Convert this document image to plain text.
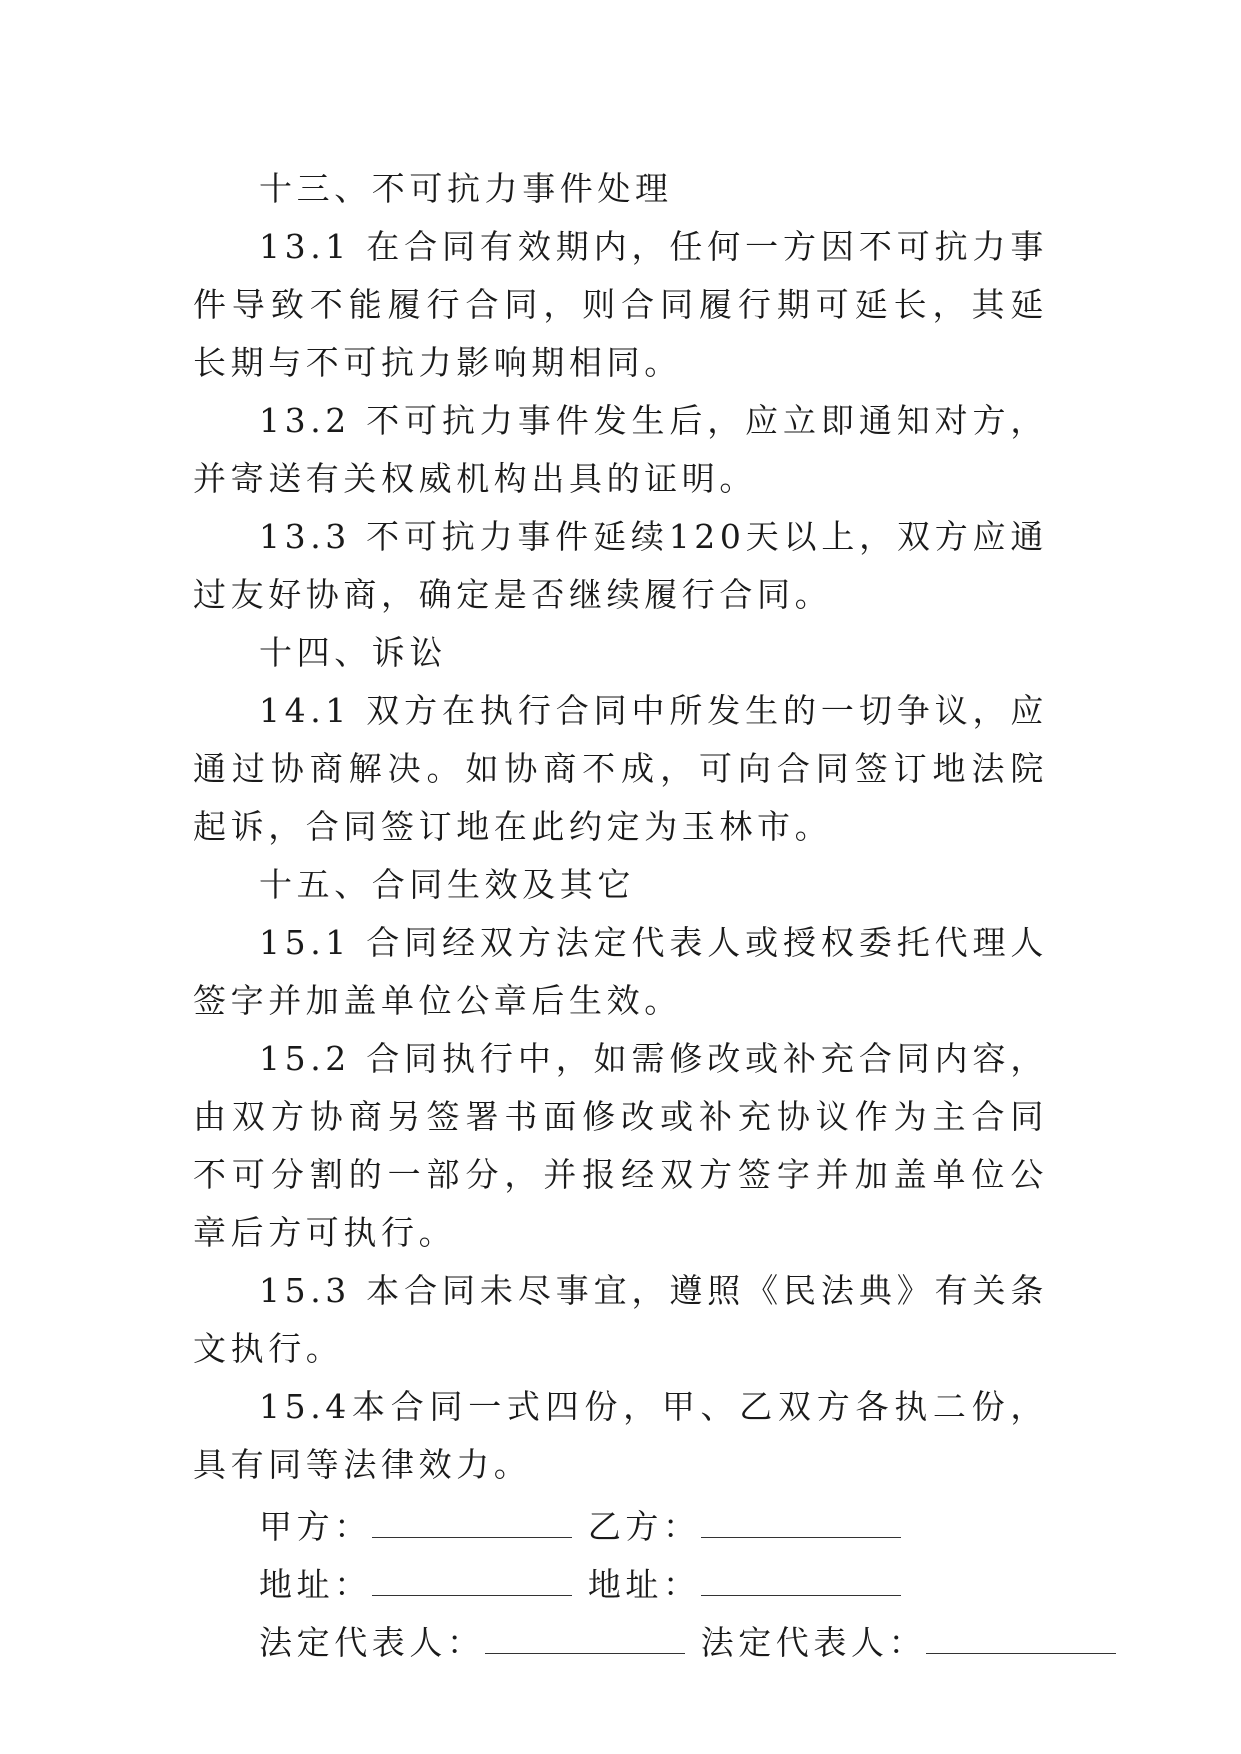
十三、不可抗力事件处理

13.1 在合同有效期内，任何一方因不可抗力事件导致不能履行合同，则合同履行期可延长，其延长期与不可抗力影响期相同。

13.2 不可抗力事件发生后，应立即通知对方，并寄送有关权威机构出具的证明。

13.3 不可抗力事件延续120天以上，双方应通过友好协商，确定是否继续履行合同。

十四、诉讼

14.1 双方在执行合同中所发生的一切争议，应通过协商解决。如协商不成，可向合同签订地法院起诉，合同签订地在此约定为玉林市。

十五、合同生效及其它

15.1 合同经双方法定代表人或授权委托代理人签字并加盖单位公章后生效。

15.2 合同执行中，如需修改或补充合同内容，由双方协商另签署书面修改或补充协议作为主合同不可分割的一部分，并报经双方签字并加盖单位公章后方可执行。

15.3 本合同未尽事宜，遵照《民法典》有关条文执行。

15.4本合同一式四份，甲、乙双方各执二份，具有同等法律效力。

甲方：	乙方：

地址：	地址：

法定代表人：	法定代表人：
